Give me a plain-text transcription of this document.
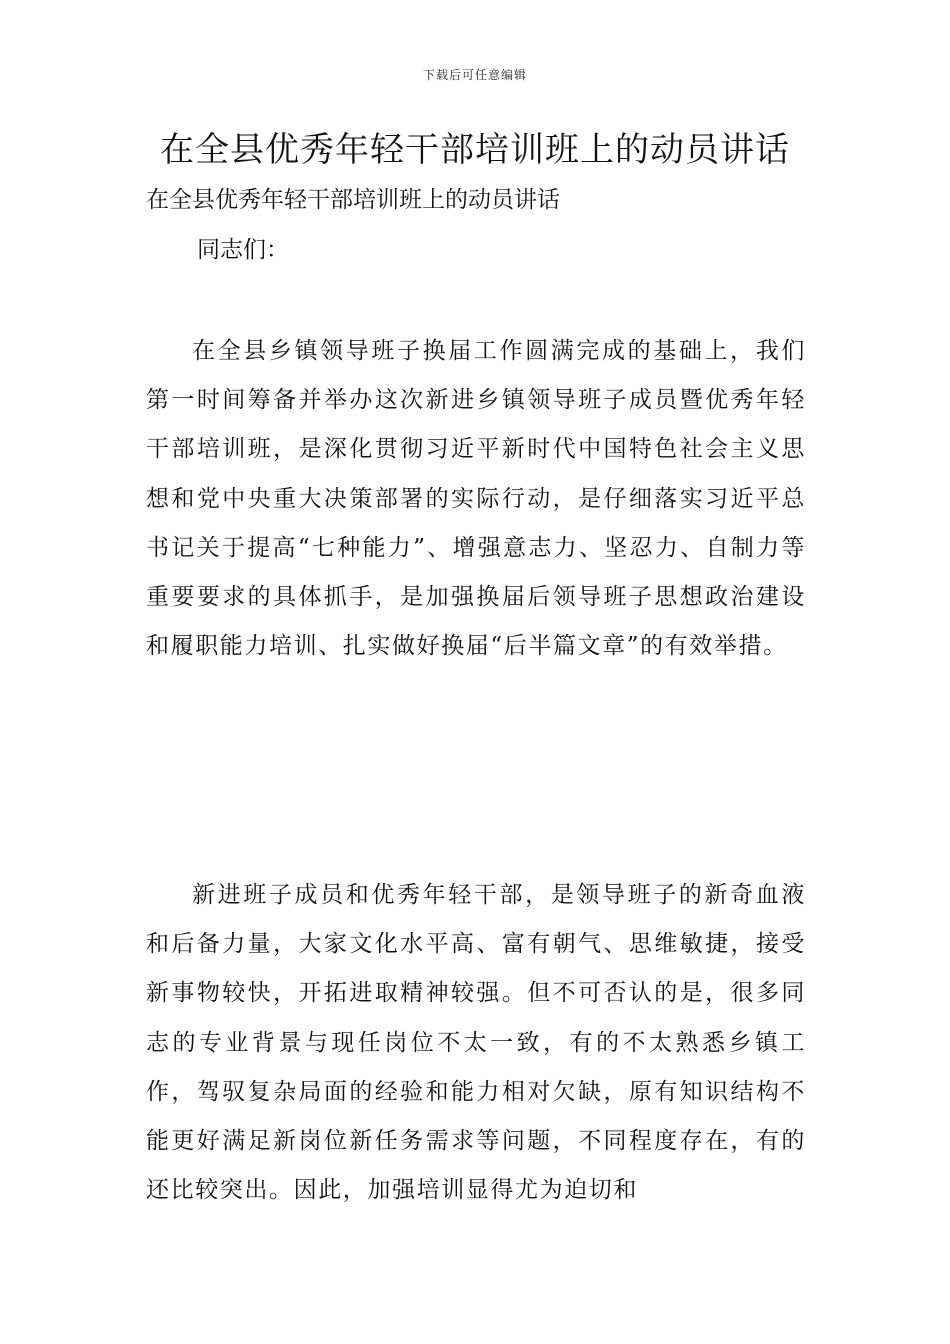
下载后可任意编辑
在全县优秀年轻干部培训班上的动员讲话
在全县优秀年轻干部培训班上的动员讲话
同志们：

在全县乡镇领导班子换届工作圆满完成的基础上，我们第一时间筹备并举办这次新进乡镇领导班子成员暨优秀年轻干部培训班，是深化贯彻习近平新时代中国特色社会主义思想和党中央重大决策部署的实际行动，是仔细落实习近平总书记关于提高“七种能力”、增强意志力、坚忍力、自制力等重要要求的具体抓手，是加强换届后领导班子思想政治建设和履职能力培训、扎实做好换届“后半篇文章”的有效举措。

新进班子成员和优秀年轻干部，是领导班子的新奇血液和后备力量，大家文化水平高、富有朝气、思维敏捷，接受新事物较快，开拓进取精神较强。但不可否认的是，很多同志的专业背景与现任岗位不太一致，有的不太熟悉乡镇工作，驾驭复杂局面的经验和能力相对欠缺，原有知识结构不能更好满足新岗位新任务需求等问题，不同程度存在，有的还比较突出。因此，加强培训显得尤为迫切和
